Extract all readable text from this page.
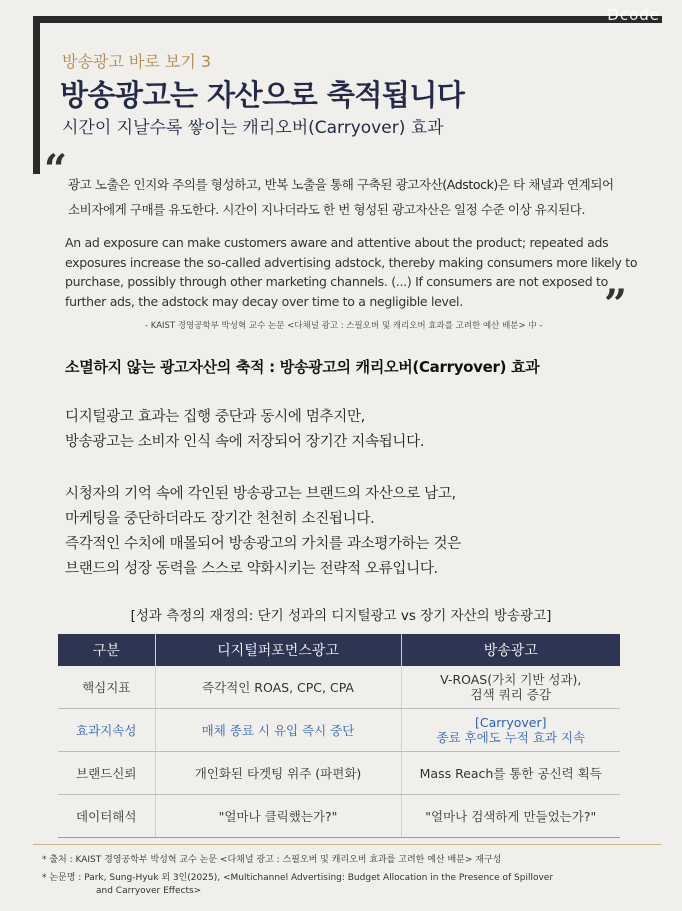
Dcode
방송광고 바로 보기 3
방송광고는 자산으로 축적됩니다
시간이 지날수록 쌓이는 캐리오버(Carryover) 효과
“ 광고 노출은 인지와 주의를 형성하고, 반복 노출을 통해 구축된 광고자산(Adstock)은 타 채널과 연계되어
소비자에게 구매를 유도한다. 시간이 지나더라도 한 번 형성된 광고자산은 일정 수준 이상 유지된다.
An ad exposure can make customers aware and attentive about the product; repeated ads exposures increase the so-called advertising adstock, thereby making consumers more likely to purchase, possibly through other marketing channels. (...) If consumers are not exposed to further ads, the adstock may decay over time to a negligible level.	”
- KAIST 경영공학부 박성혁 교수 논문 <다채널 광고 : 스필오버 및 캐리오버 효과를 고려한 예산 배분> 中 -
소멸하지 않는 광고자산의 축적 : 방송광고의 캐리오버(Carryover) 효과
디지털광고 효과는 집행 중단과 동시에 멈추지만,
방송광고는 소비자 인식 속에 저장되어 장기간 지속됩니다.
시청자의 기억 속에 각인된 방송광고는 브랜드의 자산으로 남고,
마케팅을 중단하더라도 장기간 천천히 소진됩니다.
즉각적인 수치에 매몰되어 방송광고의 가치를 과소평가하는 것은
브랜드의 성장 동력을 스스로 약화시키는 전략적 오류입니다.
[성과 측정의 재정의: 단기 성과의 디지털광고 vs 장기 자산의 방송광고]
구분	디지털퍼포먼스광고	방송광고
핵심지표	즉각적인 ROAS, CPC, CPA	V-ROAS(가치 기반 성과),
검색 쿼리 증감

효과지속성	매체 종료 시 유입 즉시 중단	[Carryover]
종료 후에도 누적 효과 지속

브랜드신뢰	개인화된 타겟팅 위주 (파편화)	Mass Reach를 통한 공신력 획득
데이터해석	"얼마나 클릭했는가?"	"얼마나 검색하게 만들었는가?"
* 출처 : KAIST 경영공학부 박성혁 교수 논문 <다채널 광고 : 스필오버 및 캐리오버 효과를 고려한 예산 배분> 재구성
* 논문명 : Park, Sung-Hyuk 외 3인(2025), <Multichannel Advertising: Budget Allocation in the Presence of Spillover
and Carryover Effects>
